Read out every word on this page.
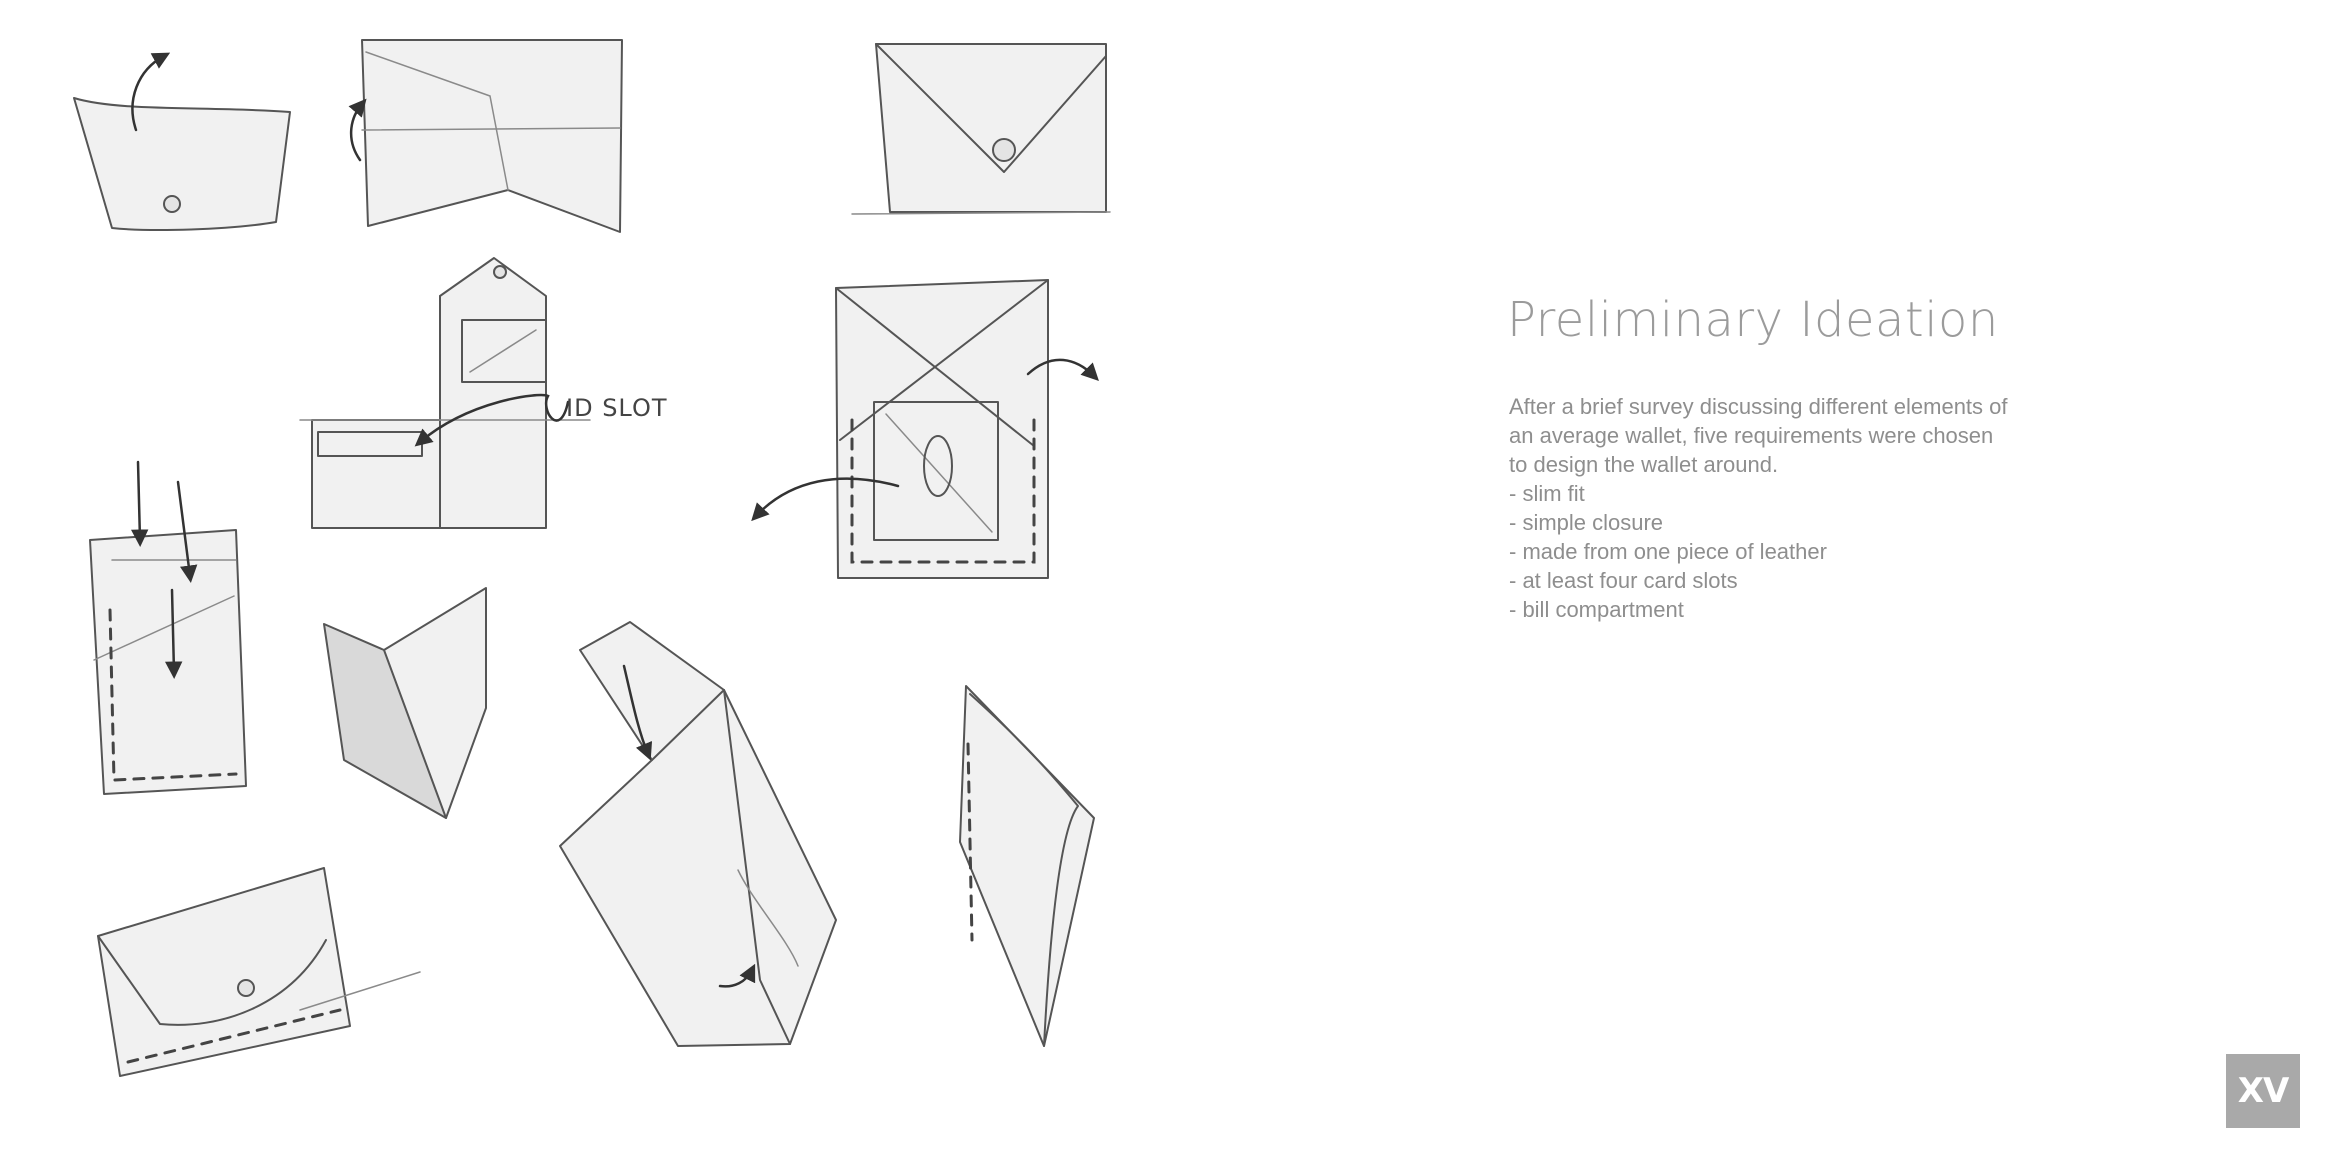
ID SLOT
Preliminary Ideation

After a brief survey discussing different elements of
an average wallet, five requirements were chosen
to design the wallet around.

- slim fit
- simple closure
- made from one piece of leather
- at least four card slots
- bill compartment
XV
